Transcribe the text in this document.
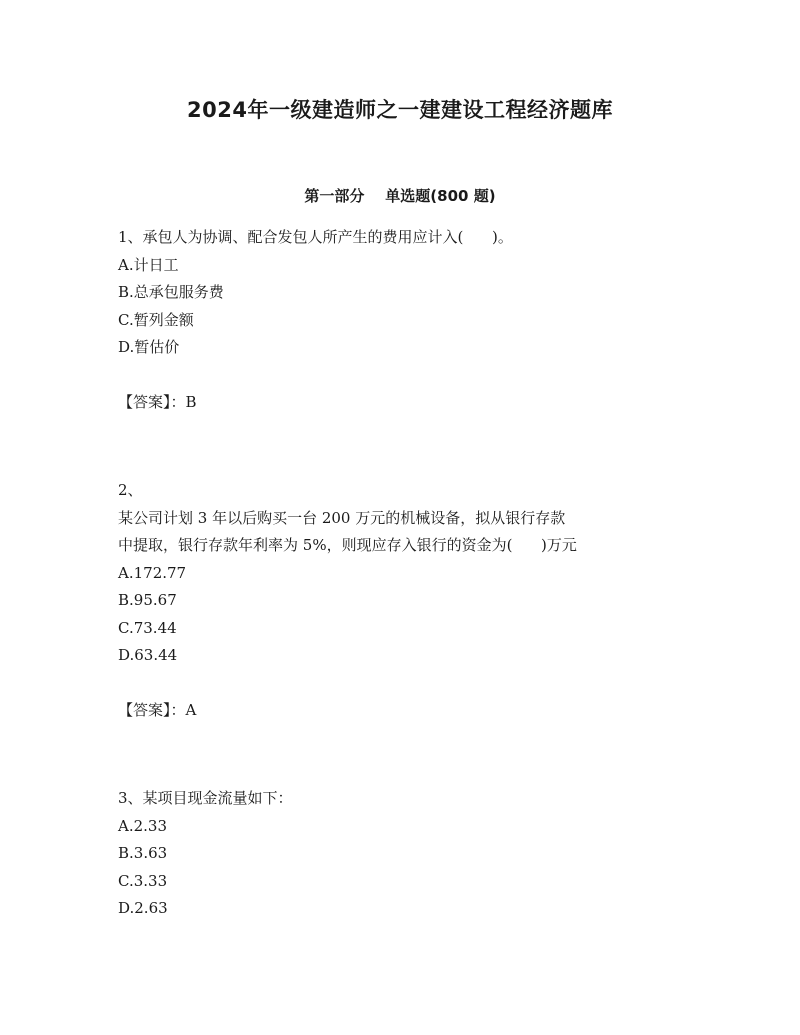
2024年一级建造师之一建建设工程经济题库
第一部分    单选题(800 题)
1、承包人为协调、配合发包人所产生的费用应计入(      )。
A.计日工
B.总承包服务费
C.暂列金额
D.暂估价
【答案】：B
2、
某公司计划 3 年以后购买一台 200 万元的机械设备，拟从银行存款
中提取，银行存款年利率为 5%，则现应存入银行的资金为(      )万元
A.172.77
B.95.67
C.73.44
D.63.44
【答案】：A
3、某项目现金流量如下：
A.2.33
B.3.63
C.3.33
D.2.63
